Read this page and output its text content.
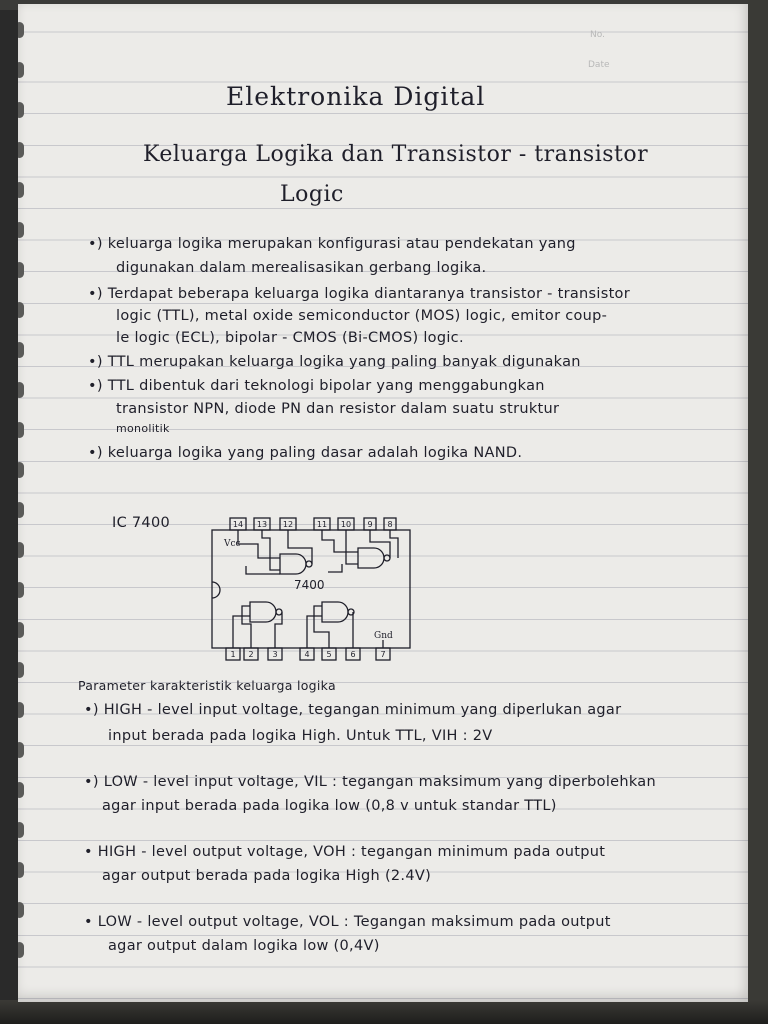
No.
Date
Elektronika Digital
Keluarga Logika dan Transistor - transistor
Logic
•) keluarga logika merupakan konfigurasi atau pendekatan yang
digunakan dalam merealisasikan gerbang logika.
•) Terdapat beberapa keluarga logika diantaranya transistor - transistor
logic (TTL), metal oxide semiconductor (MOS) logic, emitor coup-
le logic (ECL), bipolar - CMOS (Bi-CMOS) logic.
•) TTL merupakan keluarga logika yang paling banyak digunakan
•) TTL dibentuk dari teknologi bipolar yang menggabungkan
transistor NPN, diode PN dan resistor dalam suatu struktur
monolitik
•) keluarga logika yang paling dasar adalah logika NAND.
IC 7400
Vcc
Gnd
7400
14 13 12	11 10 9 8
1 2 3	4 5 6	7
Parameter karakteristik keluarga logika
•) HIGH - level input voltage, tegangan minimum yang diperlukan agar
input berada pada logika High. Untuk TTL, VIH : 2V
•) LOW - level input voltage, VIL : tegangan maksimum yang diperbolehkan
agar input berada pada logika low (0,8 v untuk standar TTL)
• HIGH - level output voltage, VOH : tegangan minimum pada output
agar output berada pada logika High (2.4V)
• LOW - level output voltage, VOL : Tegangan maksimum pada output
agar output dalam logika low (0,4V)
